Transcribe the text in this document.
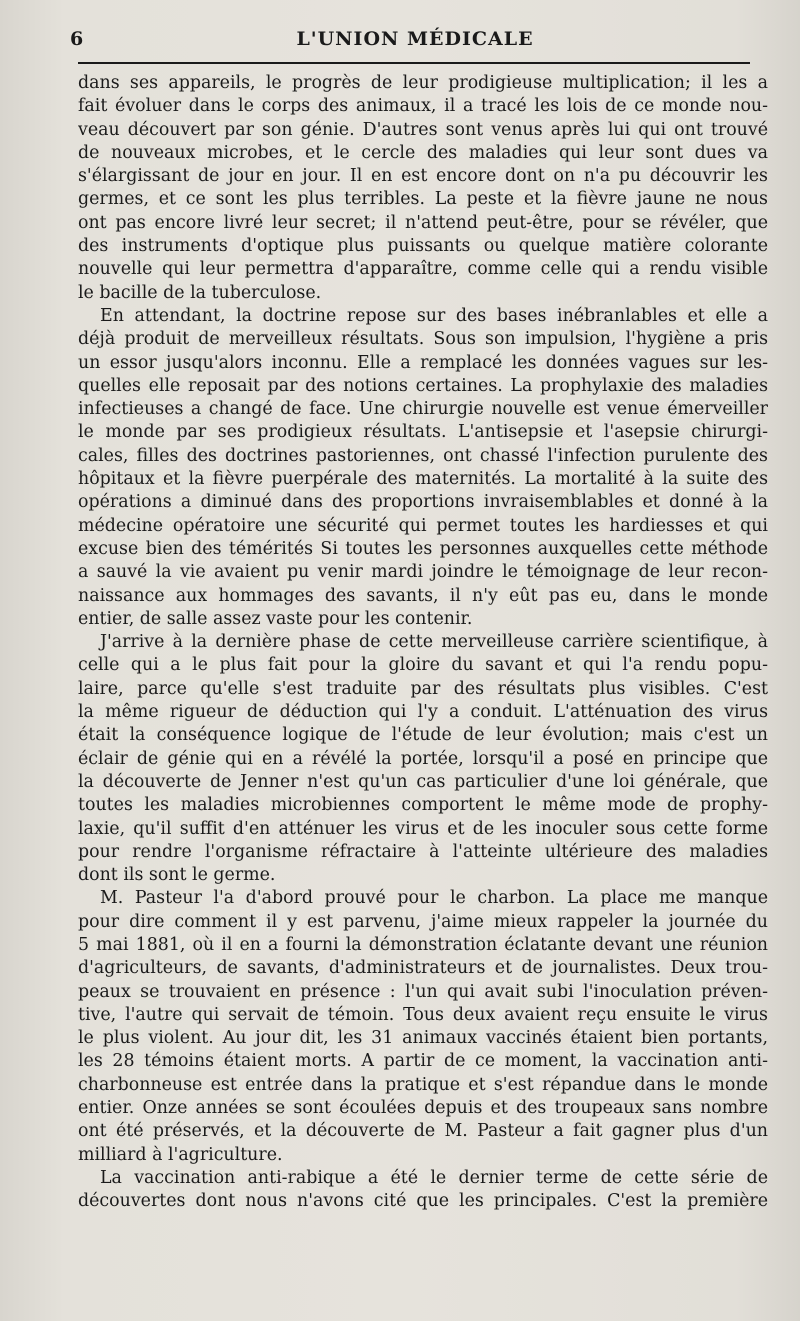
6	L'UNION MÉDICALE
dans ses appareils, le progrès de leur prodigieuse multiplication; il les a
fait évoluer dans le corps des animaux, il a tracé les lois de ce monde nou-
veau découvert par son génie. D'autres sont venus après lui qui ont trouvé
de nouveaux microbes, et le cercle des maladies qui leur sont dues va
s'élargissant de jour en jour. Il en est encore dont on n'a pu découvrir les
germes, et ce sont les plus terribles. La peste et la fièvre jaune ne nous
ont pas encore livré leur secret; il n'attend peut-être, pour se révéler, que
des instruments d'optique plus puissants ou quelque matière colorante
nouvelle qui leur permettra d'apparaître, comme celle qui a rendu visible
le bacille de la tuberculose.
En attendant, la doctrine repose sur des bases inébranlables et elle a
déjà produit de merveilleux résultats. Sous son impulsion, l'hygiène a pris
un essor jusqu'alors inconnu. Elle a remplacé les données vagues sur les-
quelles elle reposait par des notions certaines. La prophylaxie des maladies
infectieuses a changé de face. Une chirurgie nouvelle est venue émerveiller
le monde par ses prodigieux résultats. L'antisepsie et l'asepsie chirurgi-
cales, filles des doctrines pastoriennes, ont chassé l'infection purulente des
hôpitaux et la fièvre puerpérale des maternités. La mortalité à la suite des
opérations a diminué dans des proportions invraisemblables et donné à la
médecine opératoire une sécurité qui permet toutes les hardiesses et qui
excuse bien des témérités Si toutes les personnes auxquelles cette méthode
a sauvé la vie avaient pu venir mardi joindre le témoignage de leur recon-
naissance aux hommages des savants, il n'y eût pas eu, dans le monde
entier, de salle assez vaste pour les contenir.
J'arrive à la dernière phase de cette merveilleuse carrière scientifique, à
celle qui a le plus fait pour la gloire du savant et qui l'a rendu popu-
laire, parce qu'elle s'est traduite par des résultats plus visibles. C'est
la même rigueur de déduction qui l'y a conduit. L'atténuation des virus
était la conséquence logique de l'étude de leur évolution; mais c'est un
éclair de génie qui en a révélé la portée, lorsqu'il a posé en principe que
la découverte de Jenner n'est qu'un cas particulier d'une loi générale, que
toutes les maladies microbiennes comportent le même mode de prophy-
laxie, qu'il suffit d'en atténuer les virus et de les inoculer sous cette forme
pour rendre l'organisme réfractaire à l'atteinte ultérieure des maladies
dont ils sont le germe.
M. Pasteur l'a d'abord prouvé pour le charbon. La place me manque
pour dire comment il y est parvenu, j'aime mieux rappeler la journée du
5 mai 1881, où il en a fourni la démonstration éclatante devant une réunion
d'agriculteurs, de savants, d'administrateurs et de journalistes. Deux trou-
peaux se trouvaient en présence : l'un qui avait subi l'inoculation préven-
tive, l'autre qui servait de témoin. Tous deux avaient reçu ensuite le virus
le plus violent. Au jour dit, les 31 animaux vaccinés étaient bien portants,
les 28 témoins étaient morts. A partir de ce moment, la vaccination anti-
charbonneuse est entrée dans la pratique et s'est répandue dans le monde
entier. Onze années se sont écoulées depuis et des troupeaux sans nombre
ont été préservés, et la découverte de M. Pasteur a fait gagner plus d'un
milliard à l'agriculture.
La vaccination anti-rabique a été le dernier terme de cette série de
découvertes dont nous n'avons cité que les principales. C'est la première
